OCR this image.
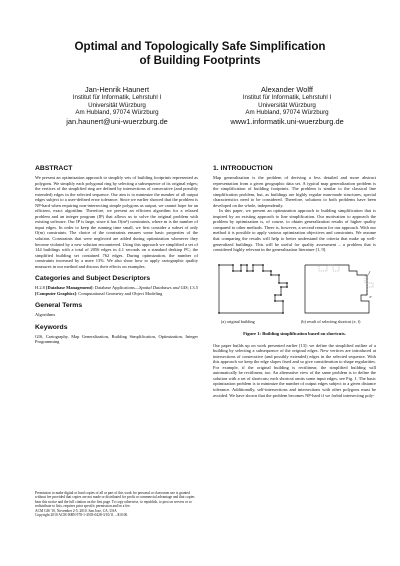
Optimal and Topologically Safe Simplification
of Building Footprints
Jan-Henrik Haunert
Institut für Informatik, Lehrstuhl I
Universität Würzburg
Am Hubland, 97074 Würzburg
jan.haunert@uni-wuerzburg.de
Alexander Wolff
Institut für Informatik, Lehrstuhl I
Universität Würzburg
Am Hubland, 97074 Würzburg
www1.informatik.uni-wuerzburg.de
ABSTRACT

We present an optimization approach to simplify sets of building footprints represented as polygons. We simplify each polygonal ring by selecting a subsequence of its original edges; the vertices of the simplified ring are defined by intersections of consecutive (and possibly extended) edges in the selected sequence. Our aim is to minimize the number of all output edges subject to a user-defined error tolerance. Since we earlier showed that the problem is NP-hard when requiring non-intersecting simple polygons as output, we cannot hope for an efficient, exact algorithm. Therefore, we present an efficient algorithm for a relaxed problem and an integer program (IP) that allows us to solve the original problem with existing software. Our IP is large, since it has O(m⁶) constraints, where m is the number of input edges. In order to keep the running time small, we first consider a subset of only O(m) constraints. The choice of the constraints ensures some basic properties of the solution. Constraints that were neglected are added during optimization whenever they become violated by a new solution encountered. Using this approach we simplified a set of 144 buildings with a total of 2056 edges in 4.1 seconds on a standard desktop PC; the simplified building set contained 762 edges. During optimization, the number of constraints increased by a mere 13%. We also show how to apply cartographic quality measures in our method and discuss their effects on examples.

Categories and Subject Descriptors

H.2.8 [Database Management]: Database Applications—Spatial Databases and GIS; I.3.5 [Computer Graphics]: Computational Geometry and Object Modeling

General Terms

Algorithms

Keywords

GIS, Cartography, Map Generalization, Building Simplification, Optimization, Integer Programming

Permission to make digital or hard copies of all or part of this work for personal or classroom use is granted without fee provided that copies are not made or distributed for profit or commercial advantage and that copies bear this notice and the full citation on the first page. To copy otherwise, to republish, to post on servers or to redistribute to lists, requires prior specific permission and/or a fee.
ACM GIS '10, November 2-5, 2010. San Jose, CA, USA
Copyright 2010 ACM ISBN 978-1-4503-0428-3/10/11 ...$10.00.
1. INTRODUCTION

Map generalization is the problem of deriving a less detailed and more abstract representation from a given geographic data set. A typical map generalization problem is the simplification of building footprints. The problem is similar to the classical line simplification problem, but, as buildings are highly regular man-made structures, special characteristics need to be considered. Therefore, solutions to both problems have been developed on the whole, independently.

In this paper, we present an optimization approach to building simplification that is inspired by an existing approach to line simplification. Our motivation to approach the problem by optimization is, of course, to obtain generalization results of higher quality compared to other methods. There is, however, a second reason for our approach. With our method it is possible to apply various optimization objectives and constraints. We assume that comparing the results will help to better understand the criteria that make up well-generalized buildings. This will be useful for quality assessment – a problem that is considered highly relevant in the generalization literature [1, 9].

e
f
(a) original building	(b) result of selecting shortcut (e, f)
Figure 1: Building simplification based on shortcuts.

Our paper builds up on work presented earlier [13]: we define the simplified outline of a building by selecting a subsequence of the original edges. New vertices are introduced at intersections of consecutive (and possibly extended) edges in the selected sequence. With this approach we keep the edge slopes fixed and so give consideration to shape regularities. For example, if the original building is rectilinear, the simplified building will automatically be rectilinear, too. An alternative view of the same problem is to define the solution with a set of shortcuts; each shortcut omits some input edges, see Fig. 1. The basic optimization problem is to minimize the number of output edges subject to a given distance tolerance. Additionally, self-intersections and intersections with other polygons must be avoided. We have shown that the problem becomes NP-hard if we forbid intersecting poly-
